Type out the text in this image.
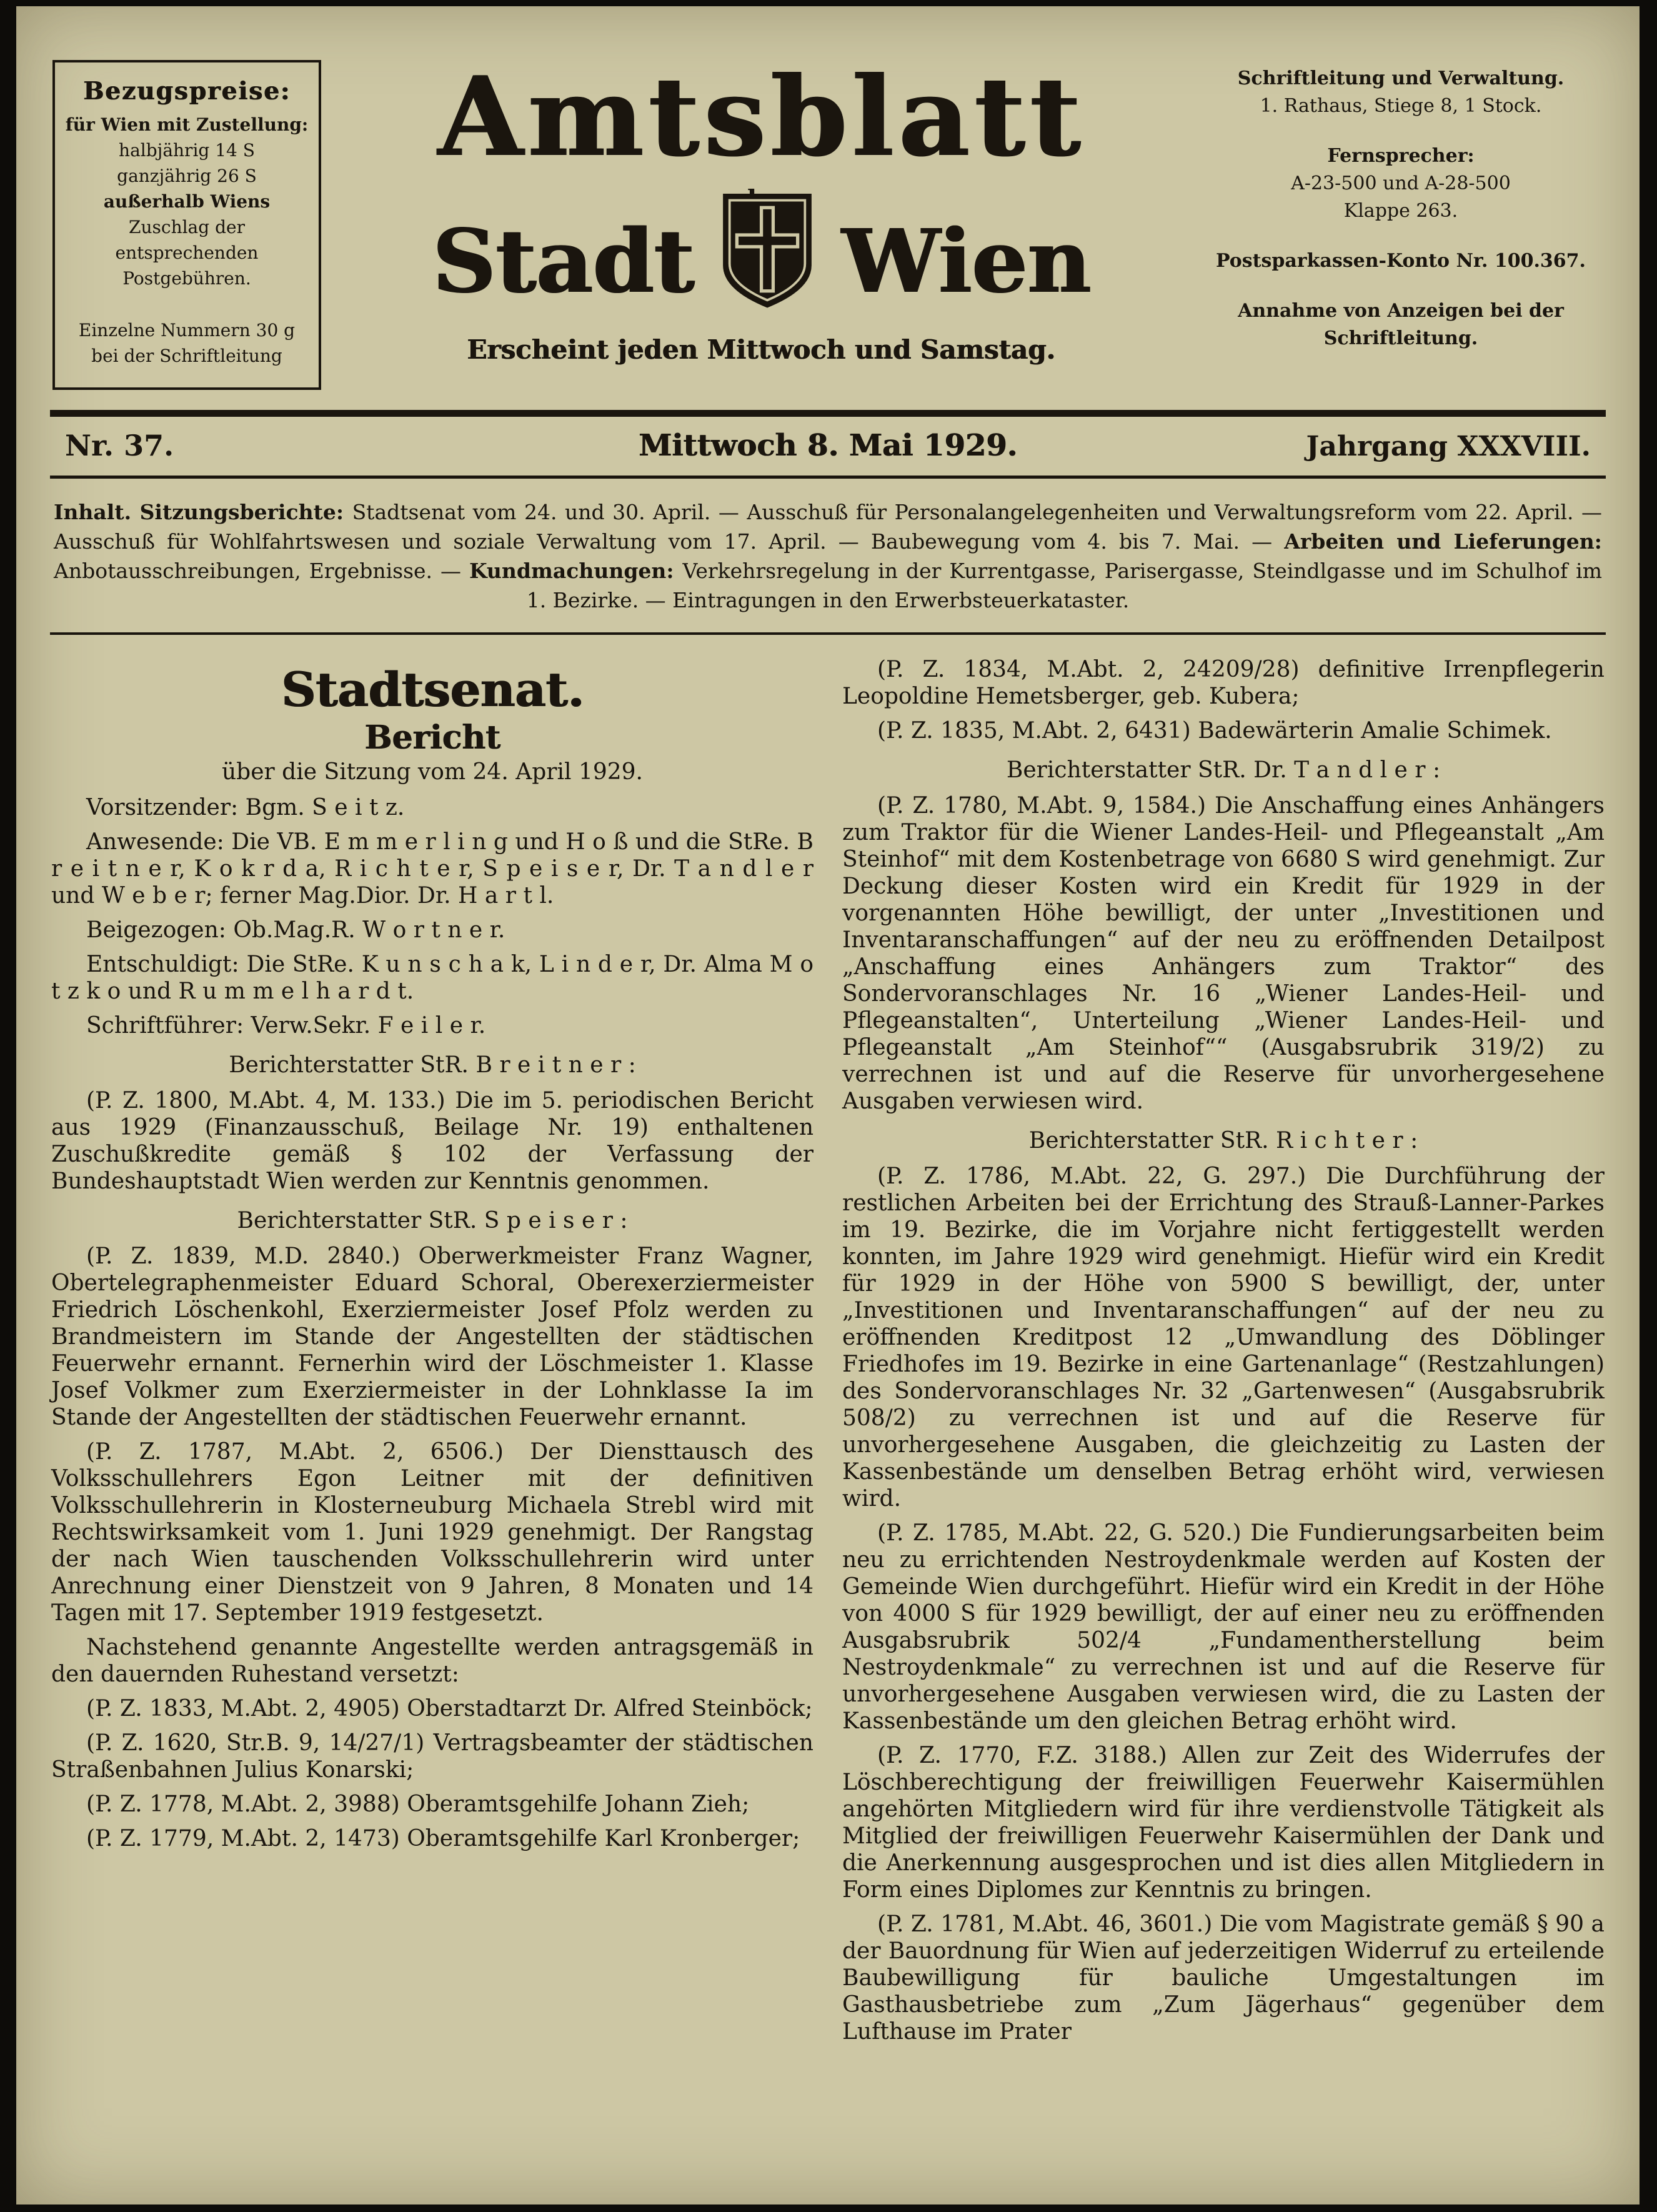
Bezugspreise:
für Wien mit Zustellung:
halbjährig 14 S
ganzjährig 26 S
außerhalb Wiens
Zuschlag der entsprechenden
Postgebühren.
Einzelne Nummern 30 g
bei der Schriftleitung
Amtsblatt
Stadt Wien
Erscheint jeden Mittwoch und Samstag.
Schriftleitung und Verwaltung.
1. Rathaus, Stiege 8, 1 Stock.
Fernsprecher:
A-23-500 und A-28-500
Klappe 263.
Postsparkassen-Konto Nr. 100.367.
Annahme von Anzeigen bei der
Schriftleitung.
Nr. 37.	Mittwoch 8. Mai 1929.	Jahrgang XXXVIII.

Inhalt. Sitzungsberichte: Stadtsenat vom 24. und 30. April. — Ausschuß für Personalangelegenheiten und Verwaltungsreform vom 22. April. — Ausschuß für Wohlfahrtswesen und soziale Verwaltung vom 17. April. — Baubewegung vom 4. bis 7. Mai. — Arbeiten und Lieferungen: Anbotausschreibungen, Ergebnisse. — Kundmachungen: Verkehrsregelung in der Kurrentgasse, Parisergasse, Steindlgasse und im Schulhof im 1. Bezirke. — Eintragungen in den Erwerbsteuerkataster.

Stadtsenat.
Bericht
über die Sitzung vom 24. April 1929.
Vorsitzender: Bgm. S e i t z.
Anwesende: Die VB. E m m e r l i n g und H o ß und die StRe. B r e i t n e r, K o k r d a, R i c h t e r, S p e i s e r, Dr. T a n d l e r und W e b e r; ferner Mag.Dior. Dr. H a r t l.
Beigezogen: Ob.Mag.R. W o r t n e r.
Entschuldigt: Die StRe. K u n s c h a k, L i n d e r, Dr. Alma M o t z k o und R u m m e l h a r d t.
Schriftführer: Verw.Sekr. F e i l e r.
Berichterstatter StR. B r e i t n e r :
(P. Z. 1800, M.Abt. 4, M. 133.) Die im 5. periodischen Bericht aus 1929 (Finanzausschuß, Beilage Nr. 19) enthaltenen Zuschußkredite gemäß § 102 der Verfassung der Bundeshauptstadt Wien werden zur Kenntnis genommen.
Berichterstatter StR. S p e i s e r :
(P. Z. 1839, M.D. 2840.) Oberwerkmeister Franz Wagner, Obertelegraphenmeister Eduard Schoral, Oberexerziermeister Friedrich Löschenkohl, Exerziermeister Josef Pfolz werden zu Brandmeistern im Stande der Angestellten der städtischen Feuerwehr ernannt. Fernerhin wird der Löschmeister 1. Klasse Josef Volkmer zum Exerziermeister in der Lohnklasse Ia im Stande der Angestellten der städtischen Feuerwehr ernannt.
(P. Z. 1787, M.Abt. 2, 6506.) Der Diensttausch des Volksschullehrers Egon Leitner mit der definitiven Volksschullehrerin in Klosterneuburg Michaela Strebl wird mit Rechtswirksamkeit vom 1. Juni 1929 genehmigt. Der Rangstag der nach Wien tauschenden Volksschullehrerin wird unter Anrechnung einer Dienstzeit von 9 Jahren, 8 Monaten und 14 Tagen mit 17. September 1919 festgesetzt.
Nachstehend genannte Angestellte werden antragsgemäß in den dauernden Ruhestand versetzt:
(P. Z. 1833, M.Abt. 2, 4905) Oberstadtarzt Dr. Alfred Steinböck;
(P. Z. 1620, Str.B. 9, 14/27/1) Vertragsbeamter der städtischen Straßenbahnen Julius Konarski;
(P. Z. 1778, M.Abt. 2, 3988) Oberamtsgehilfe Johann Zieh;
(P. Z. 1779, M.Abt. 2, 1473) Oberamtsgehilfe Karl Kronberger;
(P. Z. 1834, M.Abt. 2, 24209/28) definitive Irrenpflegerin Leopoldine Hemetsberger, geb. Kubera;
(P. Z. 1835, M.Abt. 2, 6431) Badewärterin Amalie Schimek.
Berichterstatter StR. Dr. T a n d l e r :
(P. Z. 1780, M.Abt. 9, 1584.) Die Anschaffung eines Anhängers zum Traktor für die Wiener Landes-Heil- und Pflegeanstalt „Am Steinhof“ mit dem Kostenbetrage von 6680 S wird genehmigt. Zur Deckung dieser Kosten wird ein Kredit für 1929 in der vorgenannten Höhe bewilligt, der unter „Investitionen und Inventaranschaffungen“ auf der neu zu eröffnenden Detailpost „Anschaffung eines Anhängers zum Traktor“ des Sondervoranschlages Nr. 16 „Wiener Landes-Heil- und Pflegeanstalten“, Unterteilung „Wiener Landes-Heil- und Pflegeanstalt „Am Steinhof““ (Ausgabsrubrik 319/2) zu verrechnen ist und auf die Reserve für unvorhergesehene Ausgaben verwiesen wird.
Berichterstatter StR. R i c h t e r :
(P. Z. 1786, M.Abt. 22, G. 297.) Die Durchführung der restlichen Arbeiten bei der Errichtung des Strauß-Lanner-Parkes im 19. Bezirke, die im Vorjahre nicht fertiggestellt werden konnten, im Jahre 1929 wird genehmigt. Hiefür wird ein Kredit für 1929 in der Höhe von 5900 S bewilligt, der, unter „Investitionen und Inventaranschaffungen“ auf der neu zu eröffnenden Kreditpost 12 „Umwandlung des Döblinger Friedhofes im 19. Bezirke in eine Gartenanlage“ (Restzahlungen) des Sondervoranschlages Nr. 32 „Gartenwesen“ (Ausgabsrubrik 508/2) zu verrechnen ist und auf die Reserve für unvorhergesehene Ausgaben, die gleichzeitig zu Lasten der Kassenbestände um denselben Betrag erhöht wird, verwiesen wird.
(P. Z. 1785, M.Abt. 22, G. 520.) Die Fundierungsarbeiten beim neu zu errichtenden Nestroydenkmale werden auf Kosten der Gemeinde Wien durchgeführt. Hiefür wird ein Kredit in der Höhe von 4000 S für 1929 bewilligt, der auf einer neu zu eröffnenden Ausgabsrubrik 502/4 „Fundamentherstellung beim Nestroydenkmale“ zu verrechnen ist und auf die Reserve für unvorhergesehene Ausgaben verwiesen wird, die zu Lasten der Kassenbestände um den gleichen Betrag erhöht wird.
(P. Z. 1770, F.Z. 3188.) Allen zur Zeit des Widerrufes der Löschberechtigung der freiwilligen Feuerwehr Kaisermühlen angehörten Mitgliedern wird für ihre verdienstvolle Tätigkeit als Mitglied der freiwilligen Feuerwehr Kaisermühlen der Dank und die Anerkennung ausgesprochen und ist dies allen Mitgliedern in Form eines Diplomes zur Kenntnis zu bringen.
(P. Z. 1781, M.Abt. 46, 3601.) Die vom Magistrate gemäß § 90 a der Bauordnung für Wien auf jederzeitigen Widerruf zu erteilende Baubewilligung für bauliche Umgestaltungen im Gasthausbetriebe zum „Zum Jägerhaus“ gegenüber dem Lufthause im Prater
